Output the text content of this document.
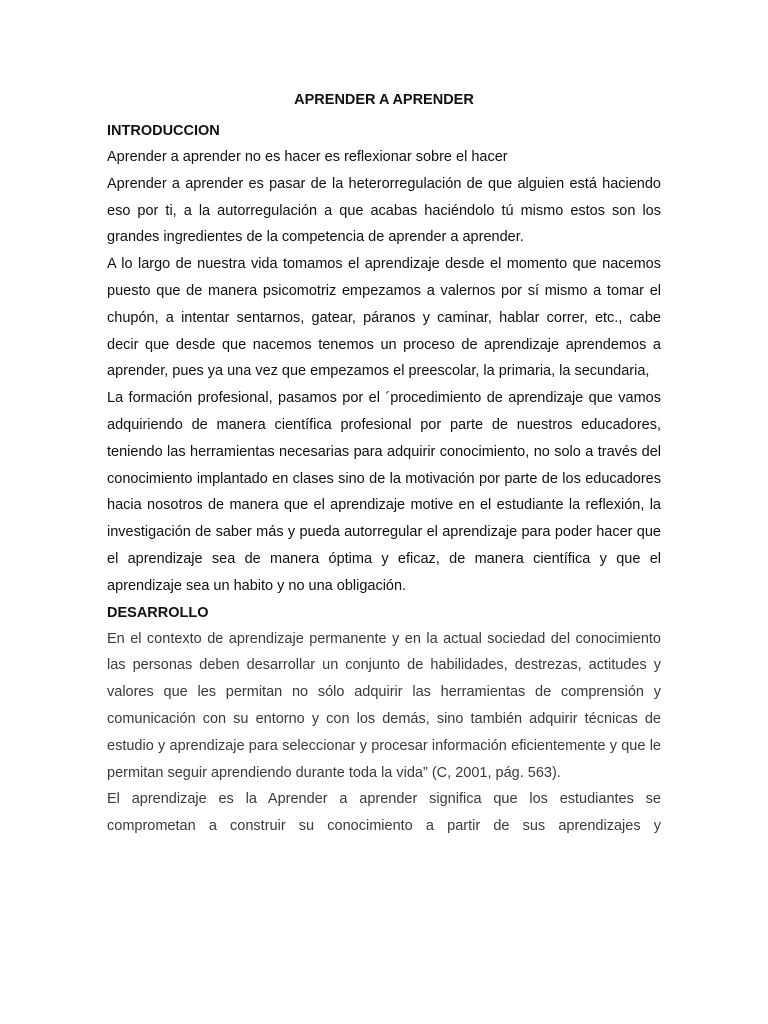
APRENDER A APRENDER
INTRODUCCION

Aprender a aprender no es hacer es reflexionar sobre el hacer

Aprender a aprender es pasar de la heterorregulación de que alguien está haciendo eso por ti, a la autorregulación a que acabas haciéndolo tú mismo estos son los grandes ingredientes de la competencia de aprender a aprender.

A lo largo de nuestra vida tomamos el aprendizaje desde el momento que nacemos puesto que de manera psicomotriz empezamos a valernos por sí mismo a tomar el chupón, a intentar sentarnos, gatear, páranos y caminar, hablar correr, etc., cabe decir que desde que nacemos tenemos un proceso de aprendizaje aprendemos a aprender, pues ya una vez que empezamos el preescolar, la primaria, la secundaria,

La formación profesional, pasamos por el ´procedimiento de aprendizaje que vamos adquiriendo de manera científica profesional por parte de nuestros educadores, teniendo las herramientas necesarias para adquirir conocimiento, no solo a través del conocimiento implantado en clases sino de la motivación por parte de los educadores hacia nosotros de manera que el aprendizaje motive en el estudiante la reflexión, la investigación de saber más y pueda autorregular el aprendizaje para poder hacer que el aprendizaje sea de manera óptima y eficaz, de manera científica y que el aprendizaje sea un habito y no una obligación.

DESARROLLO

En el contexto de aprendizaje permanente y en la actual sociedad del conocimiento las personas deben desarrollar un conjunto de habilidades, destrezas, actitudes y valores que les permitan no sólo adquirir las herramientas de comprensión y comunicación con su entorno y con los demás, sino también adquirir técnicas de estudio y aprendizaje para seleccionar y procesar información eficientemente y que le permitan seguir aprendiendo durante toda la vida” (C, 2001, pág. 563).

El aprendizaje es la Aprender a aprender significa que los estudiantes se comprometan a construir su conocimiento a partir de sus aprendizajes y
